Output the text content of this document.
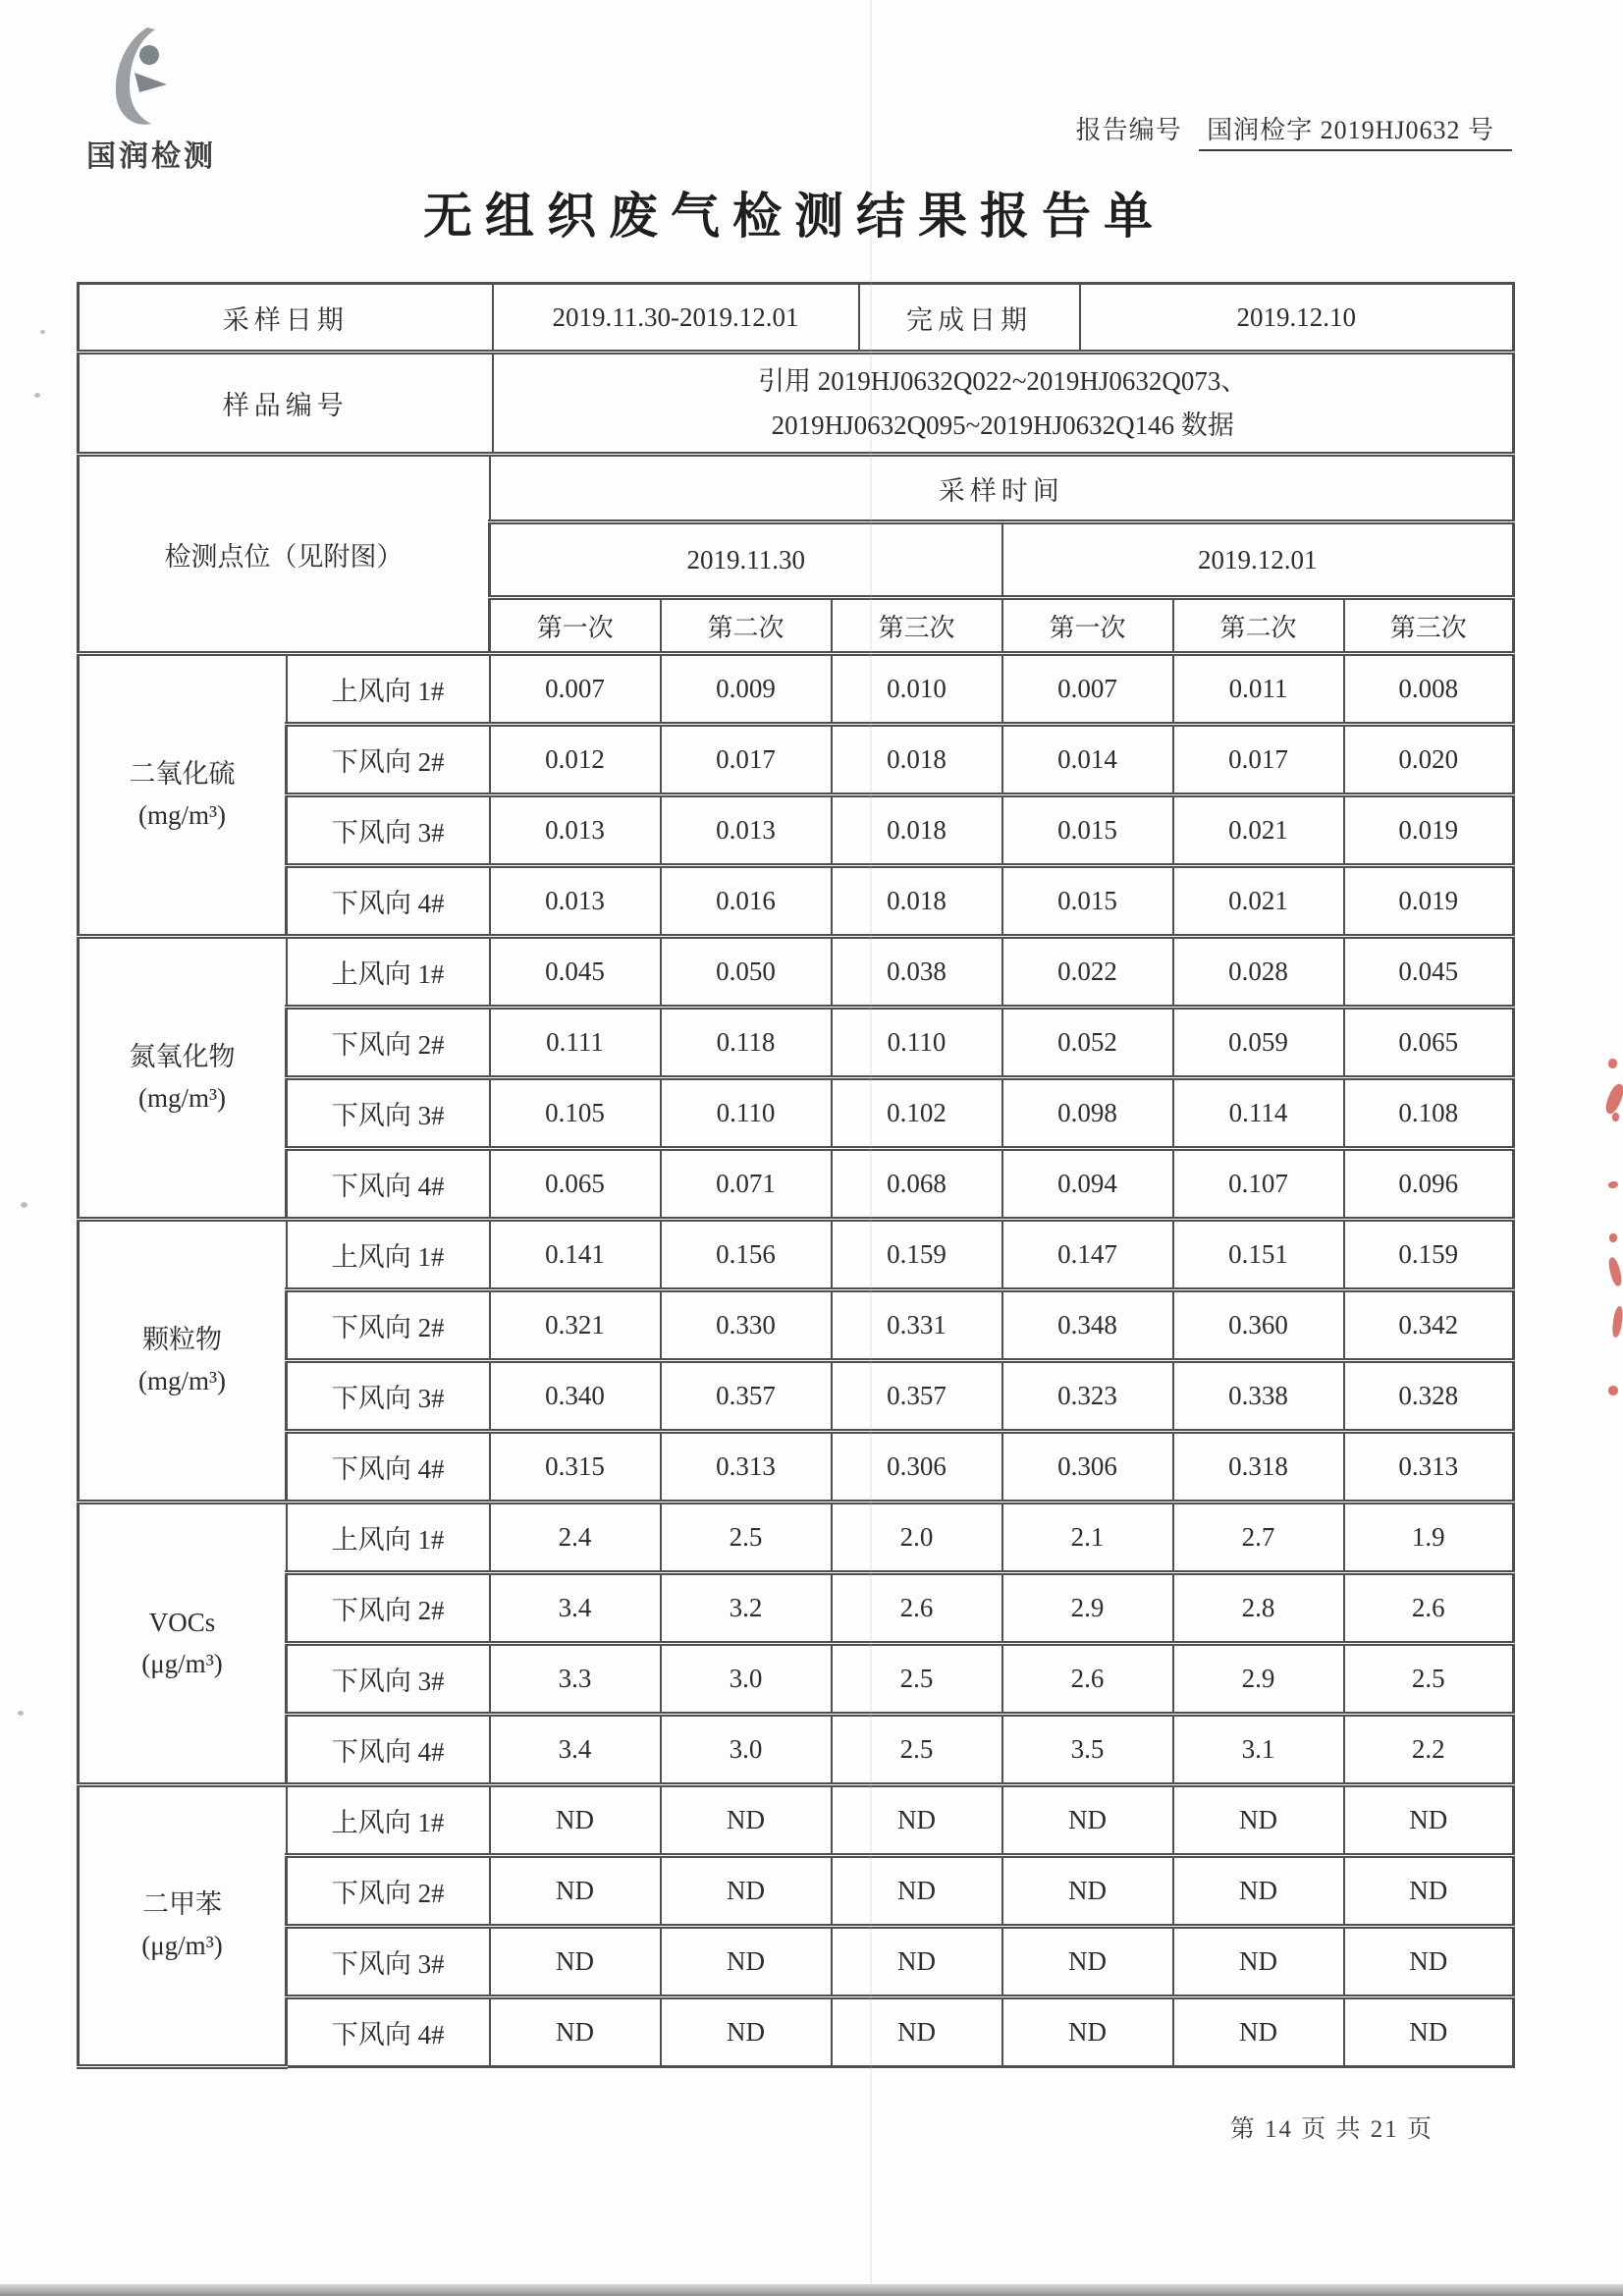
国润检测
报告编号 国润检字 2019HJ0632 号
无组织废气检测结果报告单
采样日期	2019.11.30-2019.12.01	完成日期	2019.12.10
样品编号	引用 2019HJ0632Q022~2019HJ0632Q073、
2019HJ0632Q095~2019HJ0632Q146 数据		
检测点位（见附图）		采样时间					
		2019.11.30			2019.12.01		
		第一次	第二次	第三次	第一次	第二次	第三次

二氧化硫
(mg/m³)	上风向 1#	0.007	0.009	0.010	0.007	0.011	0.008
	下风向 2#	0.012	0.017	0.018	0.014	0.017	0.020
	下风向 3#	0.013	0.013	0.018	0.015	0.021	0.019
	下风向 4#	0.013	0.016	0.018	0.015	0.021	0.019

氮氧化物
(mg/m³)	上风向 1#	0.045	0.050	0.038	0.022	0.028	0.045
	下风向 2#	0.111	0.118	0.110	0.052	0.059	0.065
	下风向 3#	0.105	0.110	0.102	0.098	0.114	0.108
	下风向 4#	0.065	0.071	0.068	0.094	0.107	0.096

颗粒物
(mg/m³)	上风向 1#	0.141	0.156	0.159	0.147	0.151	0.159
	下风向 2#	0.321	0.330	0.331	0.348	0.360	0.342
	下风向 3#	0.340	0.357	0.357	0.323	0.338	0.328
	下风向 4#	0.315	0.313	0.306	0.306	0.318	0.313

VOCs
(μg/m³)	上风向 1#	2.4	2.5	2.0	2.1	2.7	1.9
	下风向 2#	3.4	3.2	2.6	2.9	2.8	2.6
	下风向 3#	3.3	3.0	2.5	2.6	2.9	2.5
	下风向 4#	3.4	3.0	2.5	3.5	3.1	2.2

二甲苯
(μg/m³)	上风向 1#	ND	ND	ND	ND	ND	ND
	下风向 2#	ND	ND	ND	ND	ND	ND
	下风向 3#	ND	ND	ND	ND	ND	ND
	下风向 4#	ND	ND	ND	ND	ND	ND
第 14 页 共 21 页
